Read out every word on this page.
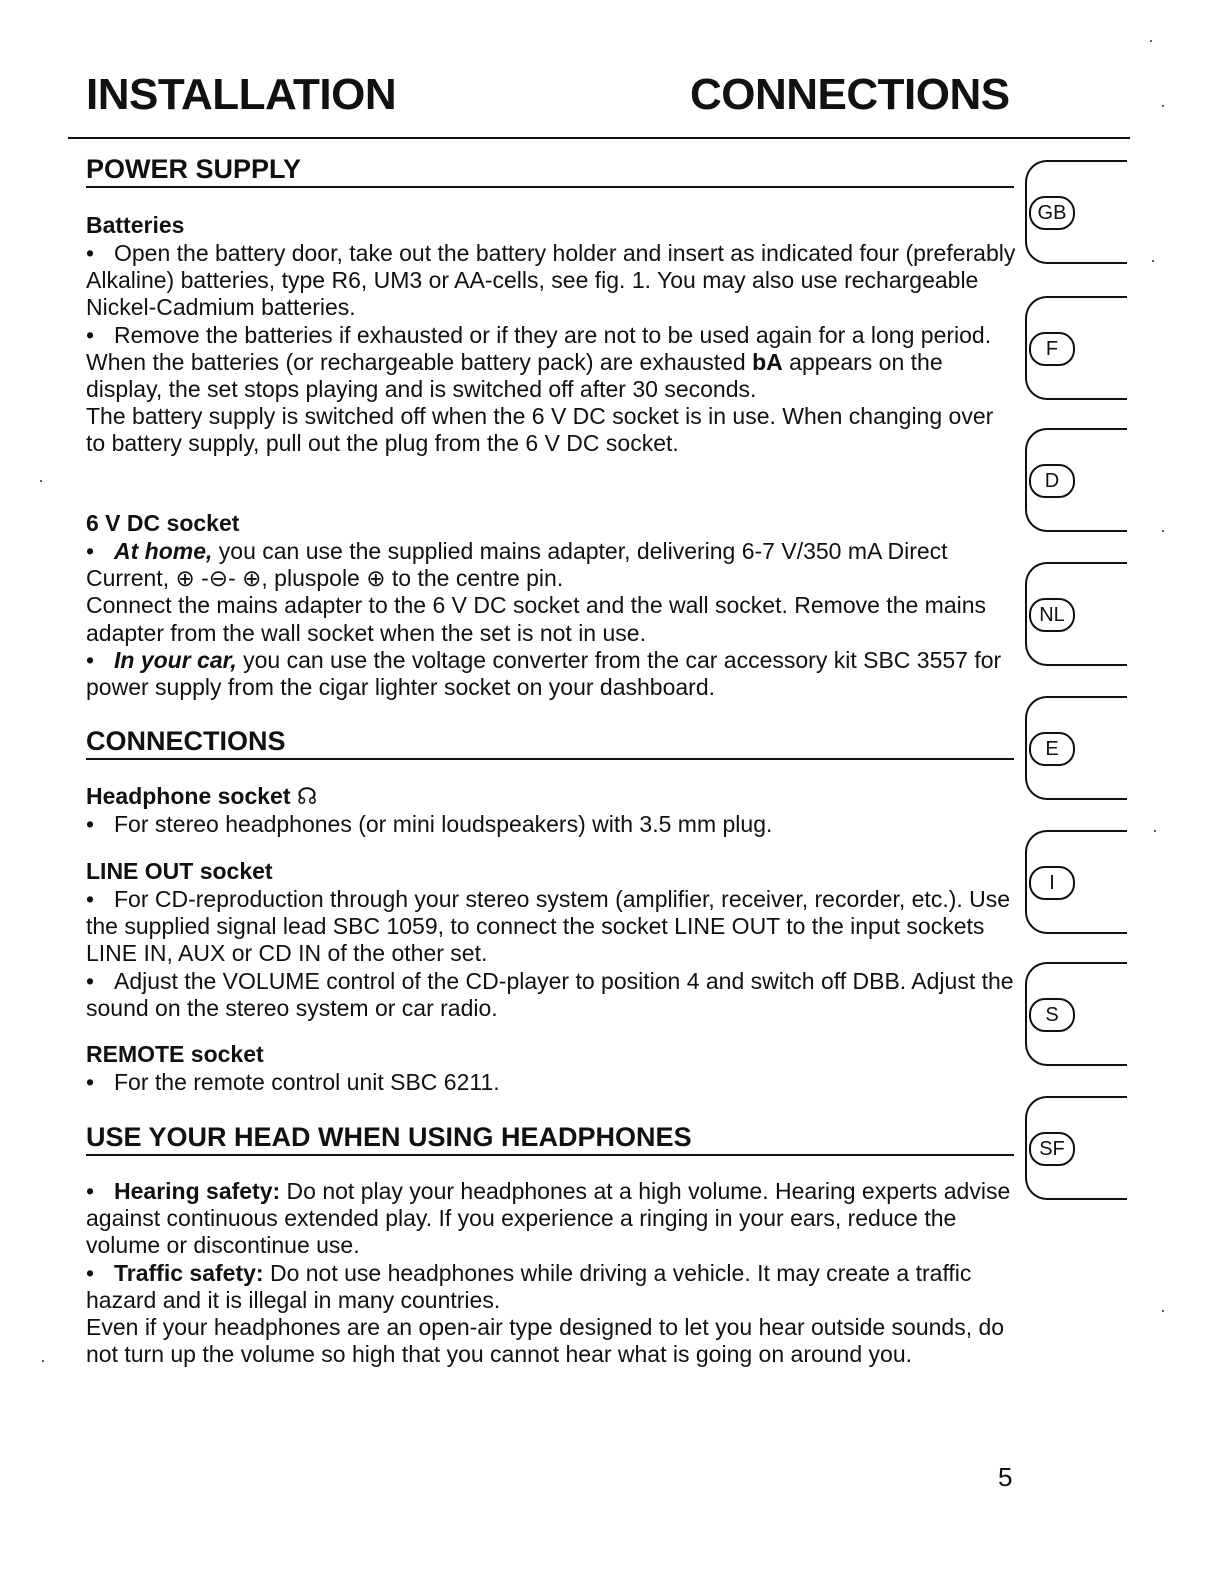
INSTALLATION	CONNECTIONS
POWER SUPPLY
Batteries

• Open the battery door, take out the battery holder and insert as indicated four (preferably Alkaline) batteries, type R6, UM3 or AA-cells, see fig. 1. You may also use rechargeable Nickel-Cadmium batteries.

• Remove the batteries if exhausted or if they are not to be used again for a long period.

When the batteries (or rechargeable battery pack) are exhausted bA appears on the display, the set stops playing and is switched off after 30 seconds.

The battery supply is switched off when the 6 V DC socket is in use. When changing over to battery supply, pull out the plug from the 6 V DC socket.

6 V DC socket

• At home, you can use the supplied mains adapter, delivering 6-7 V/350 mA Direct Current, ⊕ -⊖- ⊕, pluspole ⊕ to the centre pin.

Connect the mains adapter to the 6 V DC socket and the wall socket. Remove the mains adapter from the wall socket when the set is not in use.

• In your car, you can use the voltage converter from the car accessory kit SBC 3557 for power supply from the cigar lighter socket on your dashboard.

CONNECTIONS
Headphone socket ☊

• For stereo headphones (or mini loudspeakers) with 3.5 mm plug.

LINE OUT socket

• For CD-reproduction through your stereo system (amplifier, receiver, recorder, etc.). Use the supplied signal lead SBC 1059, to connect the socket LINE OUT to the input sockets LINE IN, AUX or CD IN of the other set.

• Adjust the VOLUME control of the CD-player to position 4 and switch off DBB. Adjust the sound on the stereo system or car radio.

REMOTE socket

• For the remote control unit SBC 6211.

USE YOUR HEAD WHEN USING HEADPHONES

• Hearing safety: Do not play your headphones at a high volume. Hearing experts advise against continuous extended play. If you experience a ringing in your ears, reduce the volume or discontinue use.

• Traffic safety: Do not use headphones while driving a vehicle. It may create a traffic hazard and it is illegal in many countries.

Even if your headphones are an open-air type designed to let you hear outside sounds, do not turn up the volume so high that you cannot hear what is going on around you.

GB
F
D
NL
E
I
S
SF
5
·
·
·
·
·
·
·
·
